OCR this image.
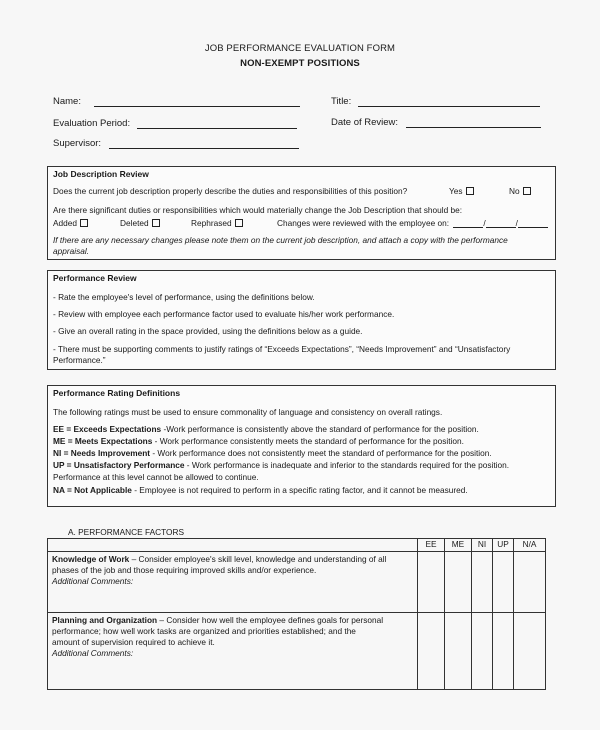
JOB PERFORMANCE EVALUATION FORM
NON-EXEMPT POSITIONS
Name:	Title:
Evaluation Period:	Date of Review:
Supervisor:
Job Description Review
Does the current job description properly describe the duties and responsibilities of this position?	Yes	No
Are there significant duties or responsibilities which would materially change the Job Description that should be:
Added	Deleted	Rephrased	Changes were reviewed with the employee on:	/	/
If there are any necessary changes please note them on the current job description, and attach a copy with the performance
appraisal.
Performance Review
- Rate the employee's level of performance, using the definitions below.
- Review with employee each performance factor used to evaluate his/her work performance.
- Give an overall rating in the space provided, using the definitions below as a guide.
- There must be supporting comments to justify ratings of “Exceeds Expectations”, “Needs Improvement” and “Unsatisfactory
Performance.”
Performance Rating Definitions
The following ratings must be used to ensure commonality of language and consistency on overall ratings.
EE = Exceeds Expectations -Work performance is consistently above the standard of performance for the position.
ME = Meets Expectations - Work performance consistently meets the standard of performance for the position.
NI = Needs Improvement - Work performance does not consistently meet the standard of performance for the position.
UP = Unsatisfactory Performance - Work performance is inadequate and inferior to the standards required for the position.
Performance at this level cannot be allowed to continue.
NA = Not Applicable - Employee is not required to perform in a specific rating factor, and it cannot be measured.
A. PERFORMANCE FACTORS
	EE	ME	NI	UP	N/A
Knowledge of Work – Consider employee's skill level, knowledge and understanding of all
phases of the job and those requiring improved skills and/or experience.
Additional Comments:					
Planning and Organization – Consider how well the employee defines goals for personal
performance; how well work tasks are organized and priorities established; and the
amount of supervision required to achieve it.
Additional Comments:					
